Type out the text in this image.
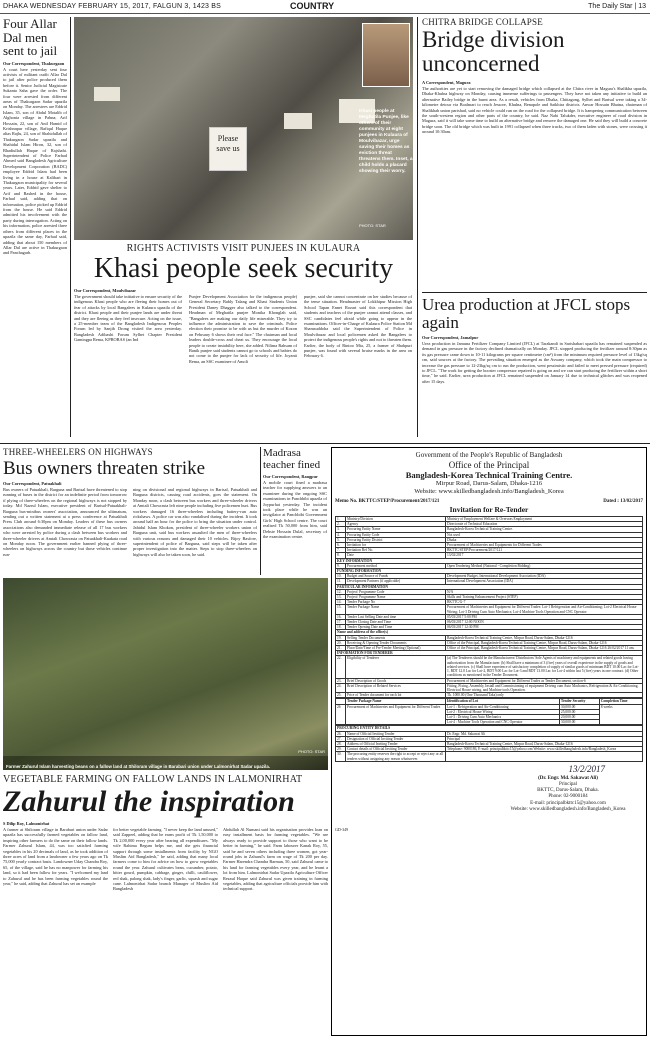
DHAKA WEDNESDAY FEBRUARY 15, 2017, FALGUN 3, 1423 BS	COUNTRY	The Daily Star | 13
Four Allar Dal men sent to jail
Our Correspondent, Thakurgaon
A court here yesterday sent four activists of militant outfit Allar Dal to jail after police produced them before it. Senior Judicial Magistrate Sukanta Saha gave the order. The four were arrested from different areas of Thakurgaon Sadar upazila on Monday. The arrestees are Eddrid Islam, 35, son of Abdul Motalib of Alghonia village in Pabna; Arif Hossain, 22, son of Anil Hamid of Krishnapur village, Rafiqul Haque alias Rajlu, 24, son of Shahidullah of Thakurgaon Sadar upazila and Shahidul Islam Hiron, 32, son of Bhadiullah Haque of Rajshahi. Superintendent of Police Farhad Ahmed said Bangladesh Agriculture Development Corporation (BADC) employee Eddrid Islam had been living in a house at Kalibari in Thakurgaon municipality for several years. Later, Eddrid gave shelter to Arif and Rashed in the house, Farhad said, adding that on information, police picked up Eddrid from the house. He said Eddrid admitted his involvement with the party during interrogation. Acting on his information, police arrested three others from different places in the upazila the same day, Farhad said, adding that about 150 members of Allar Dal are active in Thakurgaon and Panchagarh.
Please save us
Khasi people at Meghatila Punjee, like others of their community at eight punjees in Kulaura of Moulvibazar, urge saving their homes as eviction threat threatens them. Inset, a child holds a placard showing their worry.
PHOTO: STAR
RIGHTS ACTIVISTS VISIT PUNJEES IN KULAURA
Khasi people seek security
Our Correspondent, Moulvibazar
The government should take initiative to ensure security of the indigenous Khasi people who are fleeing their homes out of fear of attacks by local Bangalees in Kulaura upazila of the district. Khasi people and their punjee lands are under threat and they are fleeing as they feel insecure. Acting on the issue, a 25-member team of the Bangladesh Indigenous Peoples Forum led by Sanjib Drong visited the area yesterday. Bangladesh Adibashi Forum Sylhet Chapter President Gamingpa Rema, KPBOBAS (an Ind
Punjee Development Association for the indigenous people) General Secretary Bably Talang and Khasi Students Union President Daney Dhagger also talked to the correspondent. Headman of Meghatila punjee Monika Khonglah said, "Bangalees are making our daily life miserable. They try to influence the administration to save the criminals. Police election their promise to be with us but the murder of Kozon on February 6 shows their real face." The chairman and local leaders double-cross and cheat us. They encourage the local people to create instability here, she added. Nilima Rahsam of Banik punjee said students cannot go to schools and babies do not come to the punjee for lack of security of life. Joyanti Rema, an SSC examinee of Amoli
punjee, said she cannot concentrate on her studies because of the tense situation. Headmaster of Lokkhipur Mission High School Tapan Ennet Rozari said this correspondent that students and teachers of the punjee cannot attend classes, and SSC candidates feel afraid while going to appear in the examinations. Officer-in-Charge of Kulaura Police Station Md Shamsuddoha said the Superintendent of Police in Moulvibazar and local policemen asked the Bangalees to protect the indigenous people's rights and not to threaten them. Earlier, the body of Rintoo Mia, 25, a farmer of Shahpuri punjee, was found with several bruise marks in the area on February 6.
CHITRA BRIDGE COLLAPSE
Bridge division unconcerned
A Correspondent, Magura
The authorities are yet to start removing the damaged bridge which collapsed at the Chitra river in Magura's Shalikha upazila, Dhaka-Khulna highway on Monday, causing immense sufferings to passengers. They have not taken any initiative to build an alternative Bailey bridge in the burnt area. As a result, vehicles from Dhaka, Chittagong, Sylhet and Barisal were taking a 34-kilometre detour via Boalmari to reach Jessore, Khulna, Benapole and Satkhira districts. Anwar Hossain Bhaina, chairman of Shalikhah union parishad, said no vehicle could run on the road for the collapsed bridge. It is hampering communication between the south-western region and other parts of the country, he said. Naz Nabi Talukder, executive engineer of road division in Magura, said it will take some time to build an alternative bridge and remove the damaged one. He said they will build a concrete bridge soon. The old bridge which was built in 1991 collapsed when three trucks, two of them laden with stones, were crossing it around 10:30am.
Urea production at JFCL stops again
Our Correspondent, Jamalpur
Urea production in Jamuna Fertilizer Company Limited (JFCL) at Tarakandi in Sarishabari upazila has remained suspended as demand in gas pressure in the factory declined dramatically on Monday. JFCL stopped producing the fertilizer around 8:30pm as its gas pressure came down to 10-11 kilograms per square centimetre (cm²) from the minimum required pressure level of 13kg/sq cm, said sources at the factory. The prevailing situation emerged as the Aswany company, which took the main compressor to increase the gas pressure to 12-23kg/sq cm to run the production, went pessimistic and failed to meet pressed pressure (required) to JFCL. "The work for getting the booster compressor repaired is going on and we can start producing the fertilizer within a short time," he said. Earlier, urea production at JFCL remained suspended on January 14 due to technical glitches and was reopened after 15 days.
THREE-WHEELERS ON HIGHWAYS
Bus owners threaten strike
Our Correspondent, Patuakhali
Bus owners of Patuakhali, Barguna and Barisal have threatened to stop running of buses in the district for an indefinite period from tomorrow if plying of three-wheelers on the regional highways is not stopped by today. Md Nazrul Islam, executive president of Barisal-Patuakhali-Barguna bus-minibus owners' association, announced the ultimatum, sending out a written statement at a press conference at Patuakhali Press Club around 6:30pm on Monday. Leaders of these bus owners associations also demanded immediate release of all 17 bus workers who were arrested by police during a clash between bus workers and three-wheeler drivers at Amtali Chowrasta on Patuakhali-Kuakata road on Monday noon. The government earlier banned plying of three-wheelers on highways across the country but those vehicles continue run-
ning on divisional and regional highways in Barisal, Patuakhali and Barguna districts, causing road accidents, goes the statement. On Monday noon, a clash between bus workers and three-wheeler drivers at Amtali Chowrasta left nine people including five policemen hurt. Bus workers damaged 16 three-wheelers including battery-run auto rickshaws. A police car was also vandalised during the incident. It took around half an hour for the police to bring the situation under control. Jahidul Islam Khokon, president of three-wheeler workers union of Barguna unit, said bus workers assaulted the men of three-wheelers with various reasons and damaged their 10 vehicles. Bijoy Basfore, superintendent of police of Barguna, said steps will be taken after proper investigation into the matter. Steps to stop three-wheelers on highways will also be taken soon, he said.
Madrasa teacher fined
Our Correspondent, Rangpur
A mobile court fined a madrasa teacher for supplying answers to an examinee during the ongoing SSC examinations in Panchbibi upazila of Joypurhat yesterday. The incident took place while he was an invigilator at Panchbibi Government Girls' High School centre. The court realised Tk 50,000 from him, said Debsie Hossain Dulal, secretary of the examination centre.
Farmer Zahurul Islam harvesting beans on a fallow land at Shiloram village in Barabari union under Lalmonirhat Sadar upazila.
PHOTO: STAR
VEGETABLE FARMING ON FALLOW LANDS IN LALMONIRHAT
Zahurul the inspiration
S Dilip Roy, Lalmonirhat
A farmer at Shiloram village in Barabari union under Sadar upazila has successfully farmed vegetables on fallow land, inspiring other farmers to do the same on their fallow lands. Farmer Zahurul Islam, 44, was too satisfied farming vegetables in his 20 decimals of land, as he took addition of three acres of land from a landowner a few years ago on Tk 75,000 yearly contract basis. Landowner Uday Chandra Roy, 65, of the village, said he has no manpower for farming his land, so it had been fallow for years. "I welcomed my land to Zahurul and he has been farming vegetables round the year," he said, adding that Zahurul has set an example
for better vegetable farming. "I never keep the land unused," said Zappeel, adding that he earns profit of Tk 1,50,000 to Tk 2,00,000 every year after bearing all expenditures. "My wife Rahima Begum helps me, and she gets financial support through some installments from facility by NGO Muslim Aid Bangladesh," he said, adding that many local farmers come to him for advice on how to grow vegetables round the year. Zahurul cultivates bean, cucumber, potato, bitter gourd, pumpkin, cabbage, ginger, chilli, cauliflower, red shak, palong shak, lady's finger, garlic, squash and sugar cane. Lalmonirhat Sadar branch Manager of Muslim Aid Bangladesh
Abdullah Al Numani said his organisation provides loan on easy installment basis for farming vegetables. "We are always ready to provide support to those who want to be better in farming," he said. Farm labourer Kanak Roy, 55, said he and seven others including three women, got year-round jobs in Zahurul's farm on wage of Tk 200 per day. Farmer Harendra Chandra Barman, 50, said Zahurul came to his land for farming vegetables every year, and he learnt a lot from him. Lalmonirhat Sadar Upazila Agriculture Officer Rezaul Haque said Zahurul was given training in farming vegetables, adding that agriculture officials provide him with technical support.
Government of the People's Republic of Bangladesh
Office of the Principal
Bangladesh-Korea Technical Training Centre.
Mirpur Road, Darus-Salam, Dhaka-1216
Website: www.skilledbangladesh.info/Bangladesh_Korea
Memo No. BKTTC/STEP/Procurement/2017/121	Dated : 13/02/2017
Invitation for Re-Tender
1.	Ministry/Division	Ministry of Employment Welfare & Overseas Employment
2.	Agency	Directorate of Technical Education
3.	Procuring Entity Name	Bangladesh-Korea Technical Training Centre.
4.	Procuring Entity Code	Not used
5.	Procuring Entity District	Dhaka
6.	Invitation for	Procurement of Machineries and Equipments for Different Trades
7.	Invitation Ref No.	BKTTC/STEP/Procurement/2017/121
8.	Date	13/02/2017
KEY INFORMATION		
9.	Procurement method	Open Tendering Method (National - Completion Bidding)
FUNDING INFORMATION		
10.	Budget and Source of Funds	Development Budget, International Development Association (IDA)
11.	Development Partners (if applicable)	International Development Association (IDA)
PARTICULAR INFORMATION		
12.	Project/ Programme Code	N/A
13.	Project/ Programme Name	Skills and Training Enhancement Project (STEP)
14.	Tender Package No	BKTTC/G-7
15.	Tender Package Name	Procurement of Machineries and Equipment for Different Trades: Lot-1 Refrigeration and Air-Conditioning; Lot-2 Electrical House Wiring; Lot-3 Driving Cum Auto Mechanics; Lot-4 Machine Tools Operation and CNC Operator
16.	Tender Last Selling Date and time	05/03/2017 5:00 PM
17.	Tender Closing Date and Time	06/03/2017 12:00 NOON
18.	Tender Opening Date and Time	06/03/2017 12:30 PM
Name and address of the office(s)		
19.	Selling Tender Documents	Bangladesh-Korea Technical Training Centre, Mirpur Road, Darus-Salam, Dhaka-1216
20.	Receiving & Opening Tender Documents	Office of the Principal, Bangladesh-Korea Technical Training Centre, Mirpur Road, Darus-Salam, Dhaka-1216
21.	Place/Date/Time of Pre-Tender Meeting (Optional)	Office of the Principal, Bangladesh-Korea Technical Training Centre, Mirpur Road, Darus-Salam, Dhaka-1216 26/02/2017 11 am.
INFORMATION FOR TENDERER		
22.	Eligibility of Tenderer	(a) The Tenderers should be the Manufacturers/ Distributors/ Sole Agents of machinery and equipments and related goods having authorization from the Manufacturer. (b) Shall have a minimum of 3 (five) years of overall experience in the supply of goods and related services. (c) Shall have experience of satisfactory completion of supply of similar goods of minimum BDT 10.00 Lac for Lot-1, BDT 12.0 Lac for Lot-2, BDT 9.00 Lac for Lot-3 and BDT 13.00 Lac for Lot-4 within last 5 (five) years in one contract. (d) Other conditions as mentioned in the Tender Document.
23.	Brief Description of Goods	Procurement of Machineries and Equipment for Different Trades as Tender Document, section-6
24.	Brief Description of Related Services	Fitting, Fixing, Assembly, Install and Commissioning of equipment Driving cum Auto Machanics, Refrigeration & Air Conditioning, Electrical House wiring, and Machine tools Operation.
25.	Price of Tender document for each lot	Tk. 1000.00 (One Thousand Taka) only
	Tender Package Name	Identification of Lot	Tender Security	Completion Time
26	Procurement of Machineries and Equipment for Different Trades	Lot-1 : Refrigeration and Air-Conditioning	30,000.00	8 weeks
		Lot-2 : Electrical House Wiring	25,000.00	
		Lot-3 : Driving Cum Auto Mechanics	20,000.00	
		Lot-4 : Machine Tools Operation and CNC Operator	30,000.00	
PROCURING ENTITY DETAILS		
26.	Name of Official Inviting Tender	Dr. Engr. Md. Sakawat Ali
27.	Designation of Official Inviting Tender	Principal
28.	Address of Official Inviting Tender	Bangladesh-Korea Technical Training Centre, Mirpur Road, Darus-Salam, Dhaka-1216
29.	Contact details of Official Inviting Tender	Telephone: 9000186, E-mail: principalbkttc15@yahoo.com Website: www.skilledbangladesh.info/Bangladesh_Korea
30.	The procuring entity reserves the right to accept or reject any or all tenders without assigning any reason whatsoever.	
13/2/2017
(Dr. Engr. Md. Sakawat Ali)
Principal
BKTTC, Darus-Salam, Dhaka.
Phone: 02-9000184
E-mail: principalbkttc15@yahoo.com
Website: www.skilledbangladesh.info/Bangladesh_Korea
GD-349
